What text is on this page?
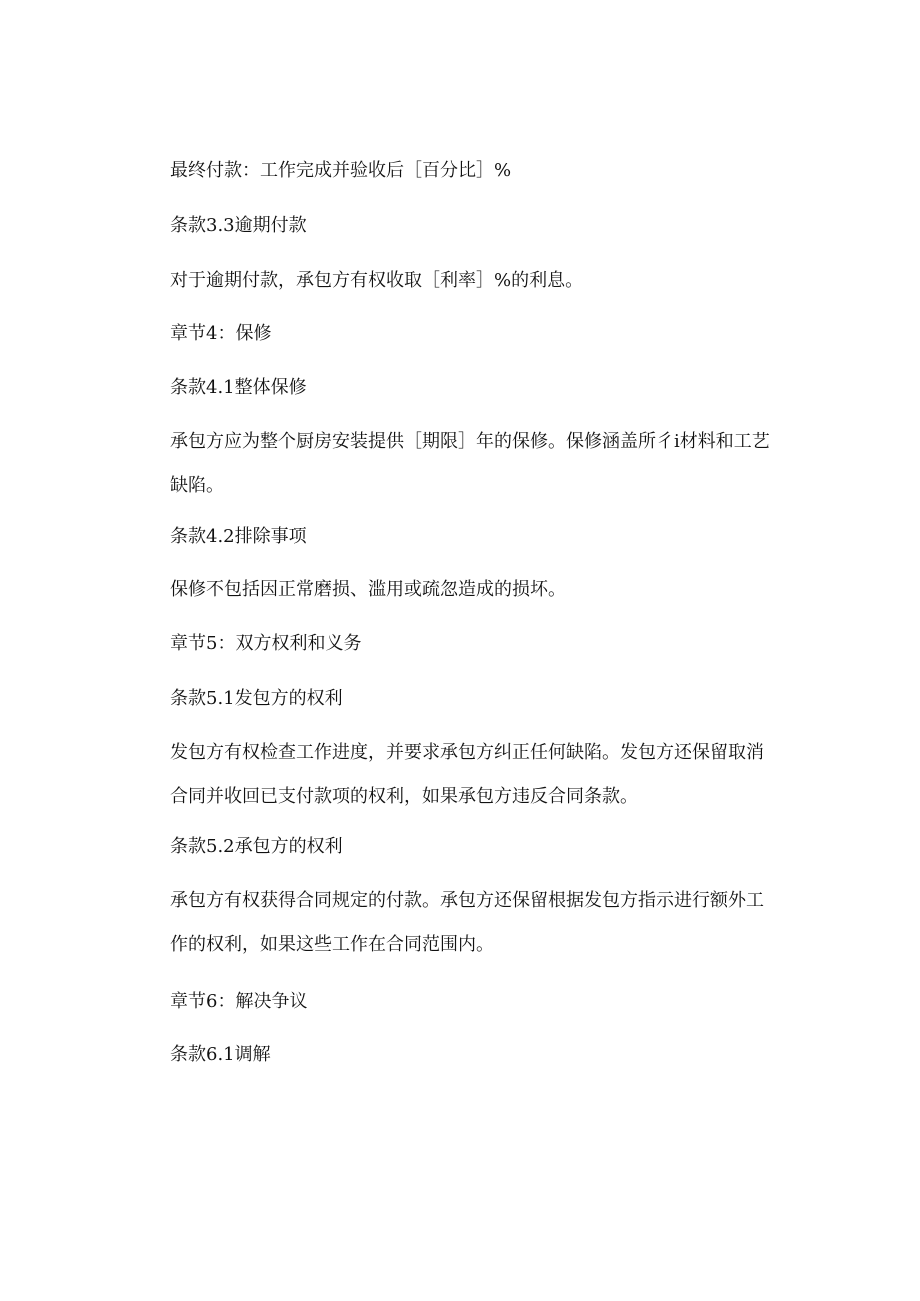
最终付款：工作完成并验收后［百分比］%
条款3.3逾期付款
对于逾期付款，承包方有权收取［利率］%的利息。
章节4：保修
条款4.1整体保修
承包方应为整个厨房安装提供［期限］年的保修。保修涵盖所彳i材料和工艺缺陷。
条款4.2排除事项
保修不包括因正常磨损、滥用或疏忽造成的损坏。
章节5：双方权利和义务
条款5.1发包方的权利
发包方有权检查工作进度，并要求承包方纠正任何缺陷。发包方还保留取消合同并收回已支付款项的权利，如果承包方违反合同条款。
条款5.2承包方的权利
承包方有权获得合同规定的付款。承包方还保留根据发包方指示进行额外工作的权利，如果这些工作在合同范围内。
章节6：解决争议
条款6.1调解
